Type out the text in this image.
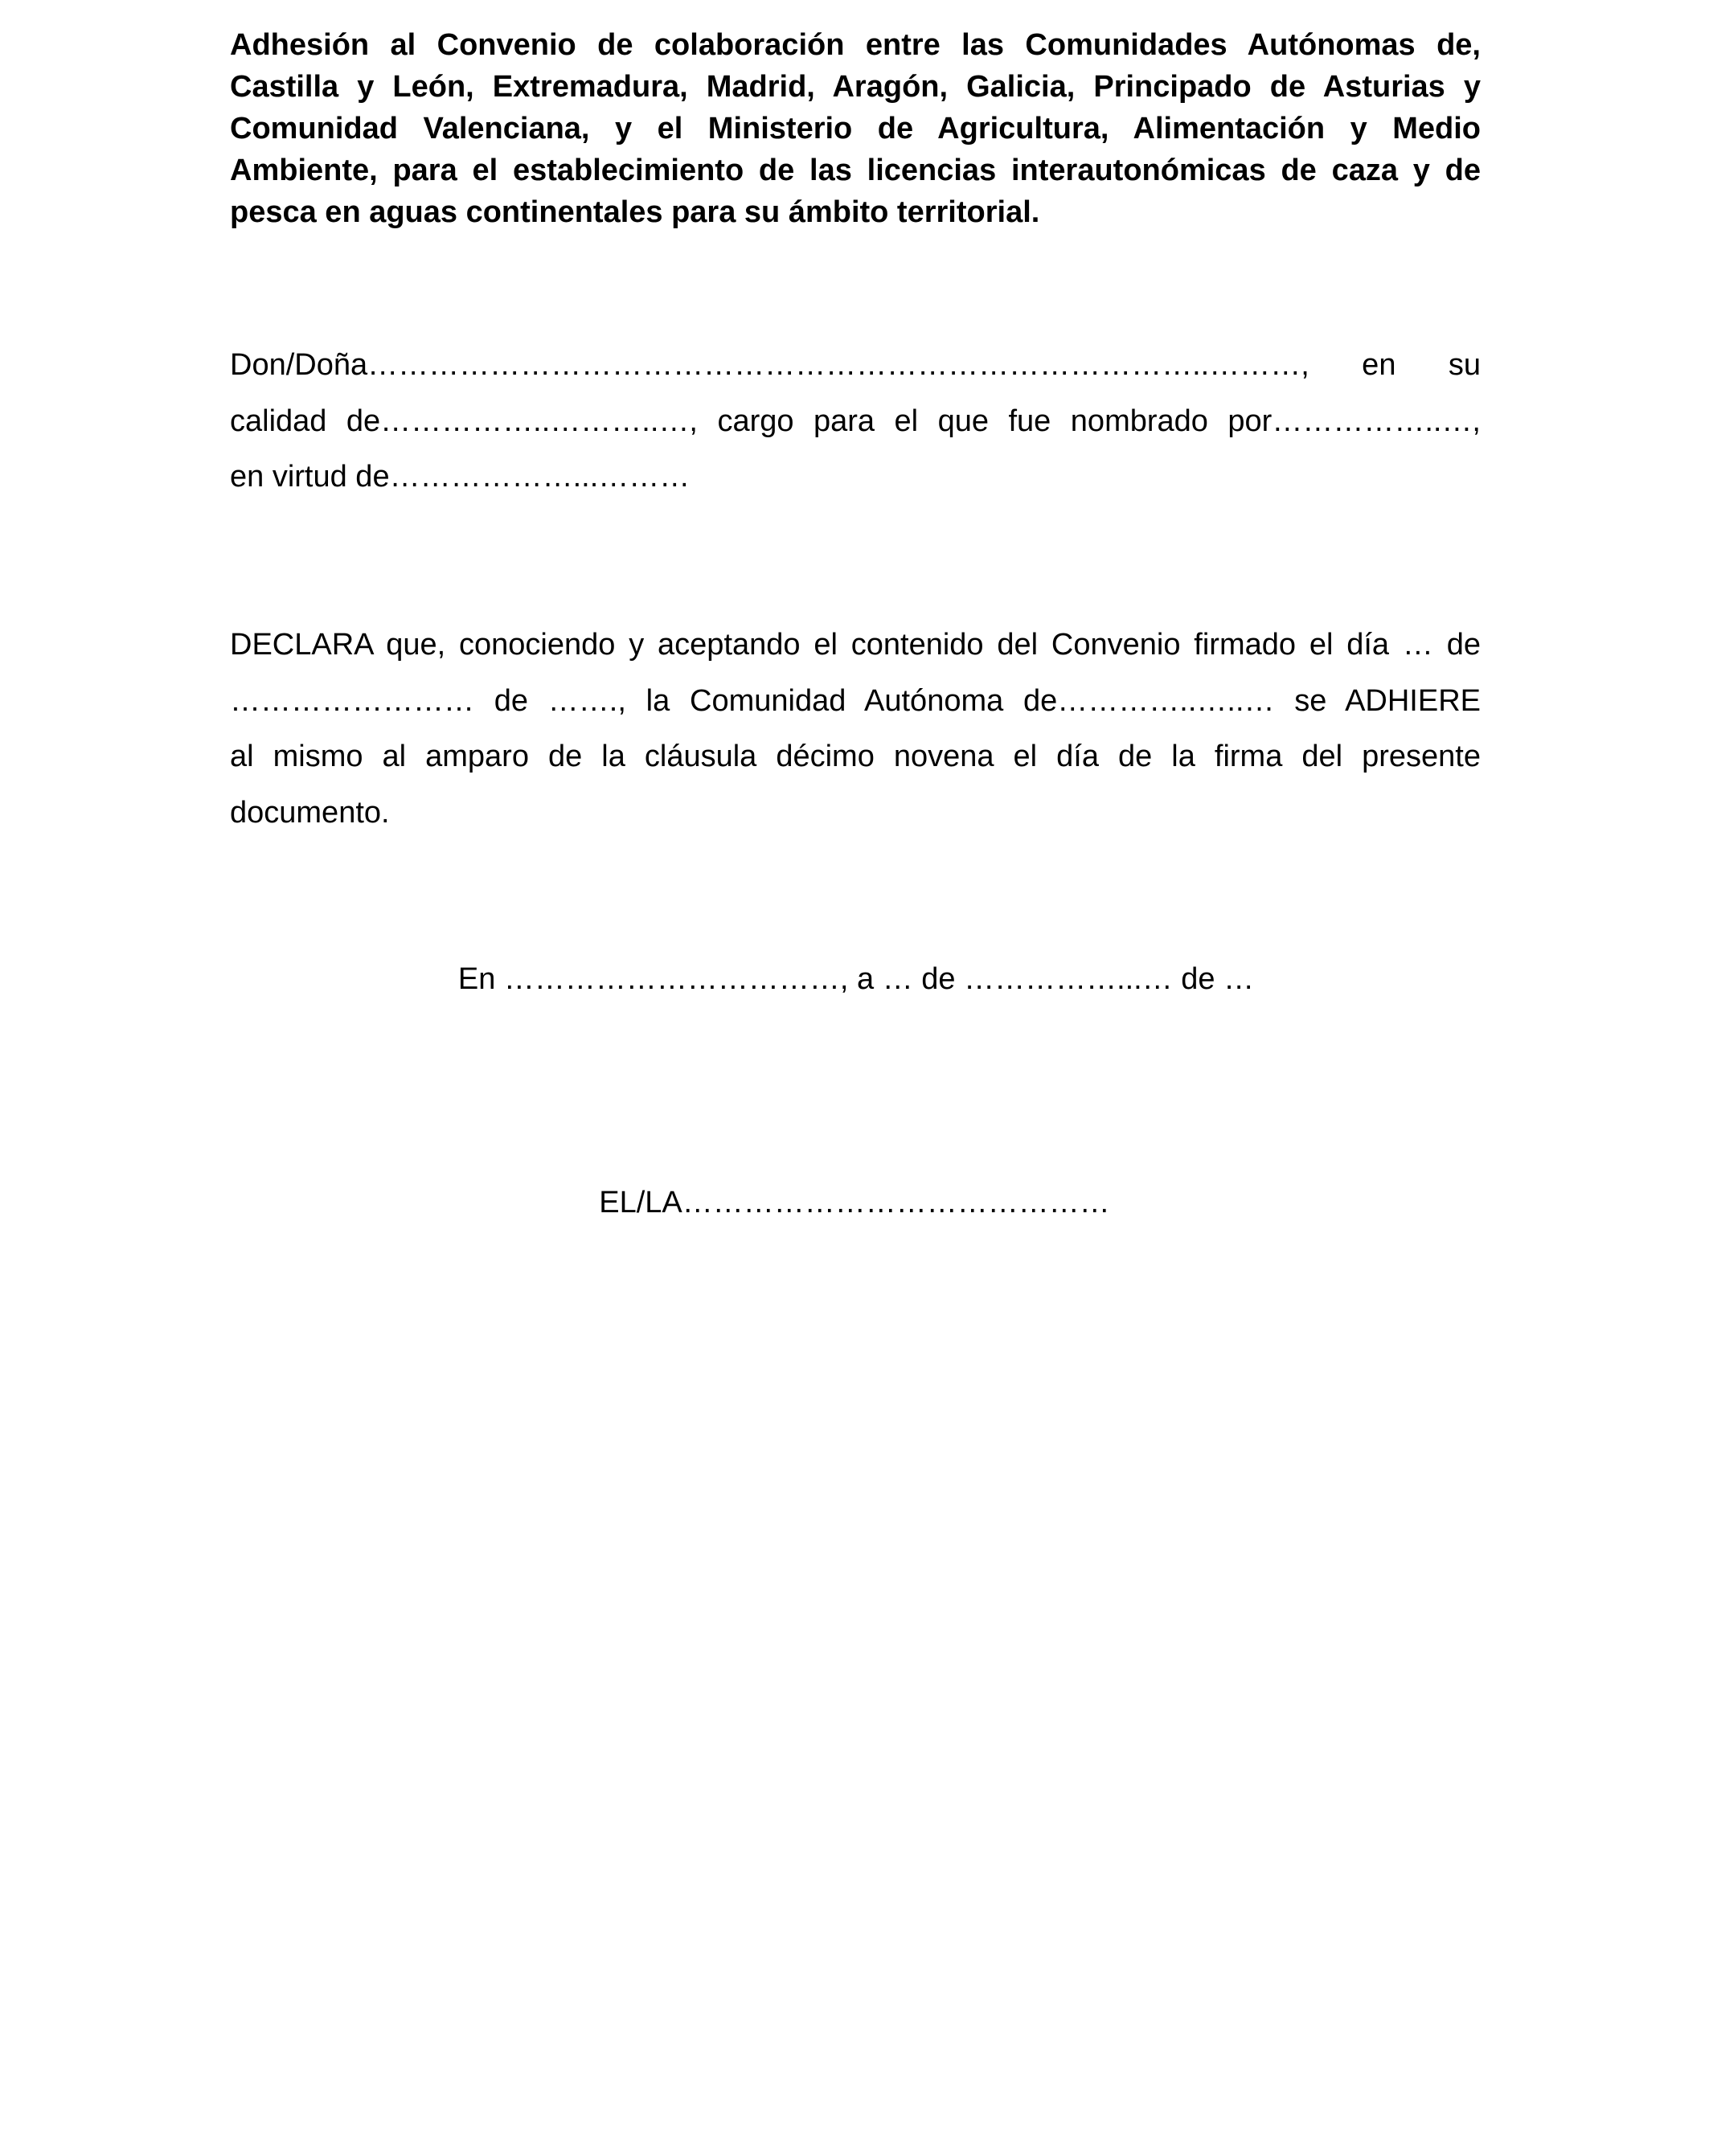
Adhesión al Convenio de colaboración entre las Comunidades Autónomas de,
Castilla y León, Extremadura, Madrid, Aragón, Galicia, Principado de Asturias y
Comunidad Valenciana, y el Ministerio de Agricultura, Alimentación y Medio
Ambiente, para el establecimiento de las licencias interautonómicas de caza y de
pesca en aguas continentales para su ámbito territorial.
Don/Doña………………………………………………………………………..………, en su
calidad de……………..………..…, cargo para el que fue nombrado por……………..…,
en virtud de………………...………
DECLARA que, conociendo y aceptando el contenido del Convenio firmado el día … de
…………………… de ……., la Comunidad Autónoma de…………..…..… se ADHIERE
al mismo al amparo de la cláusula décimo novena el día de la firma del presente
documento.
En ……………………………, a … de ……………...… de …
EL/LA……………………………………
